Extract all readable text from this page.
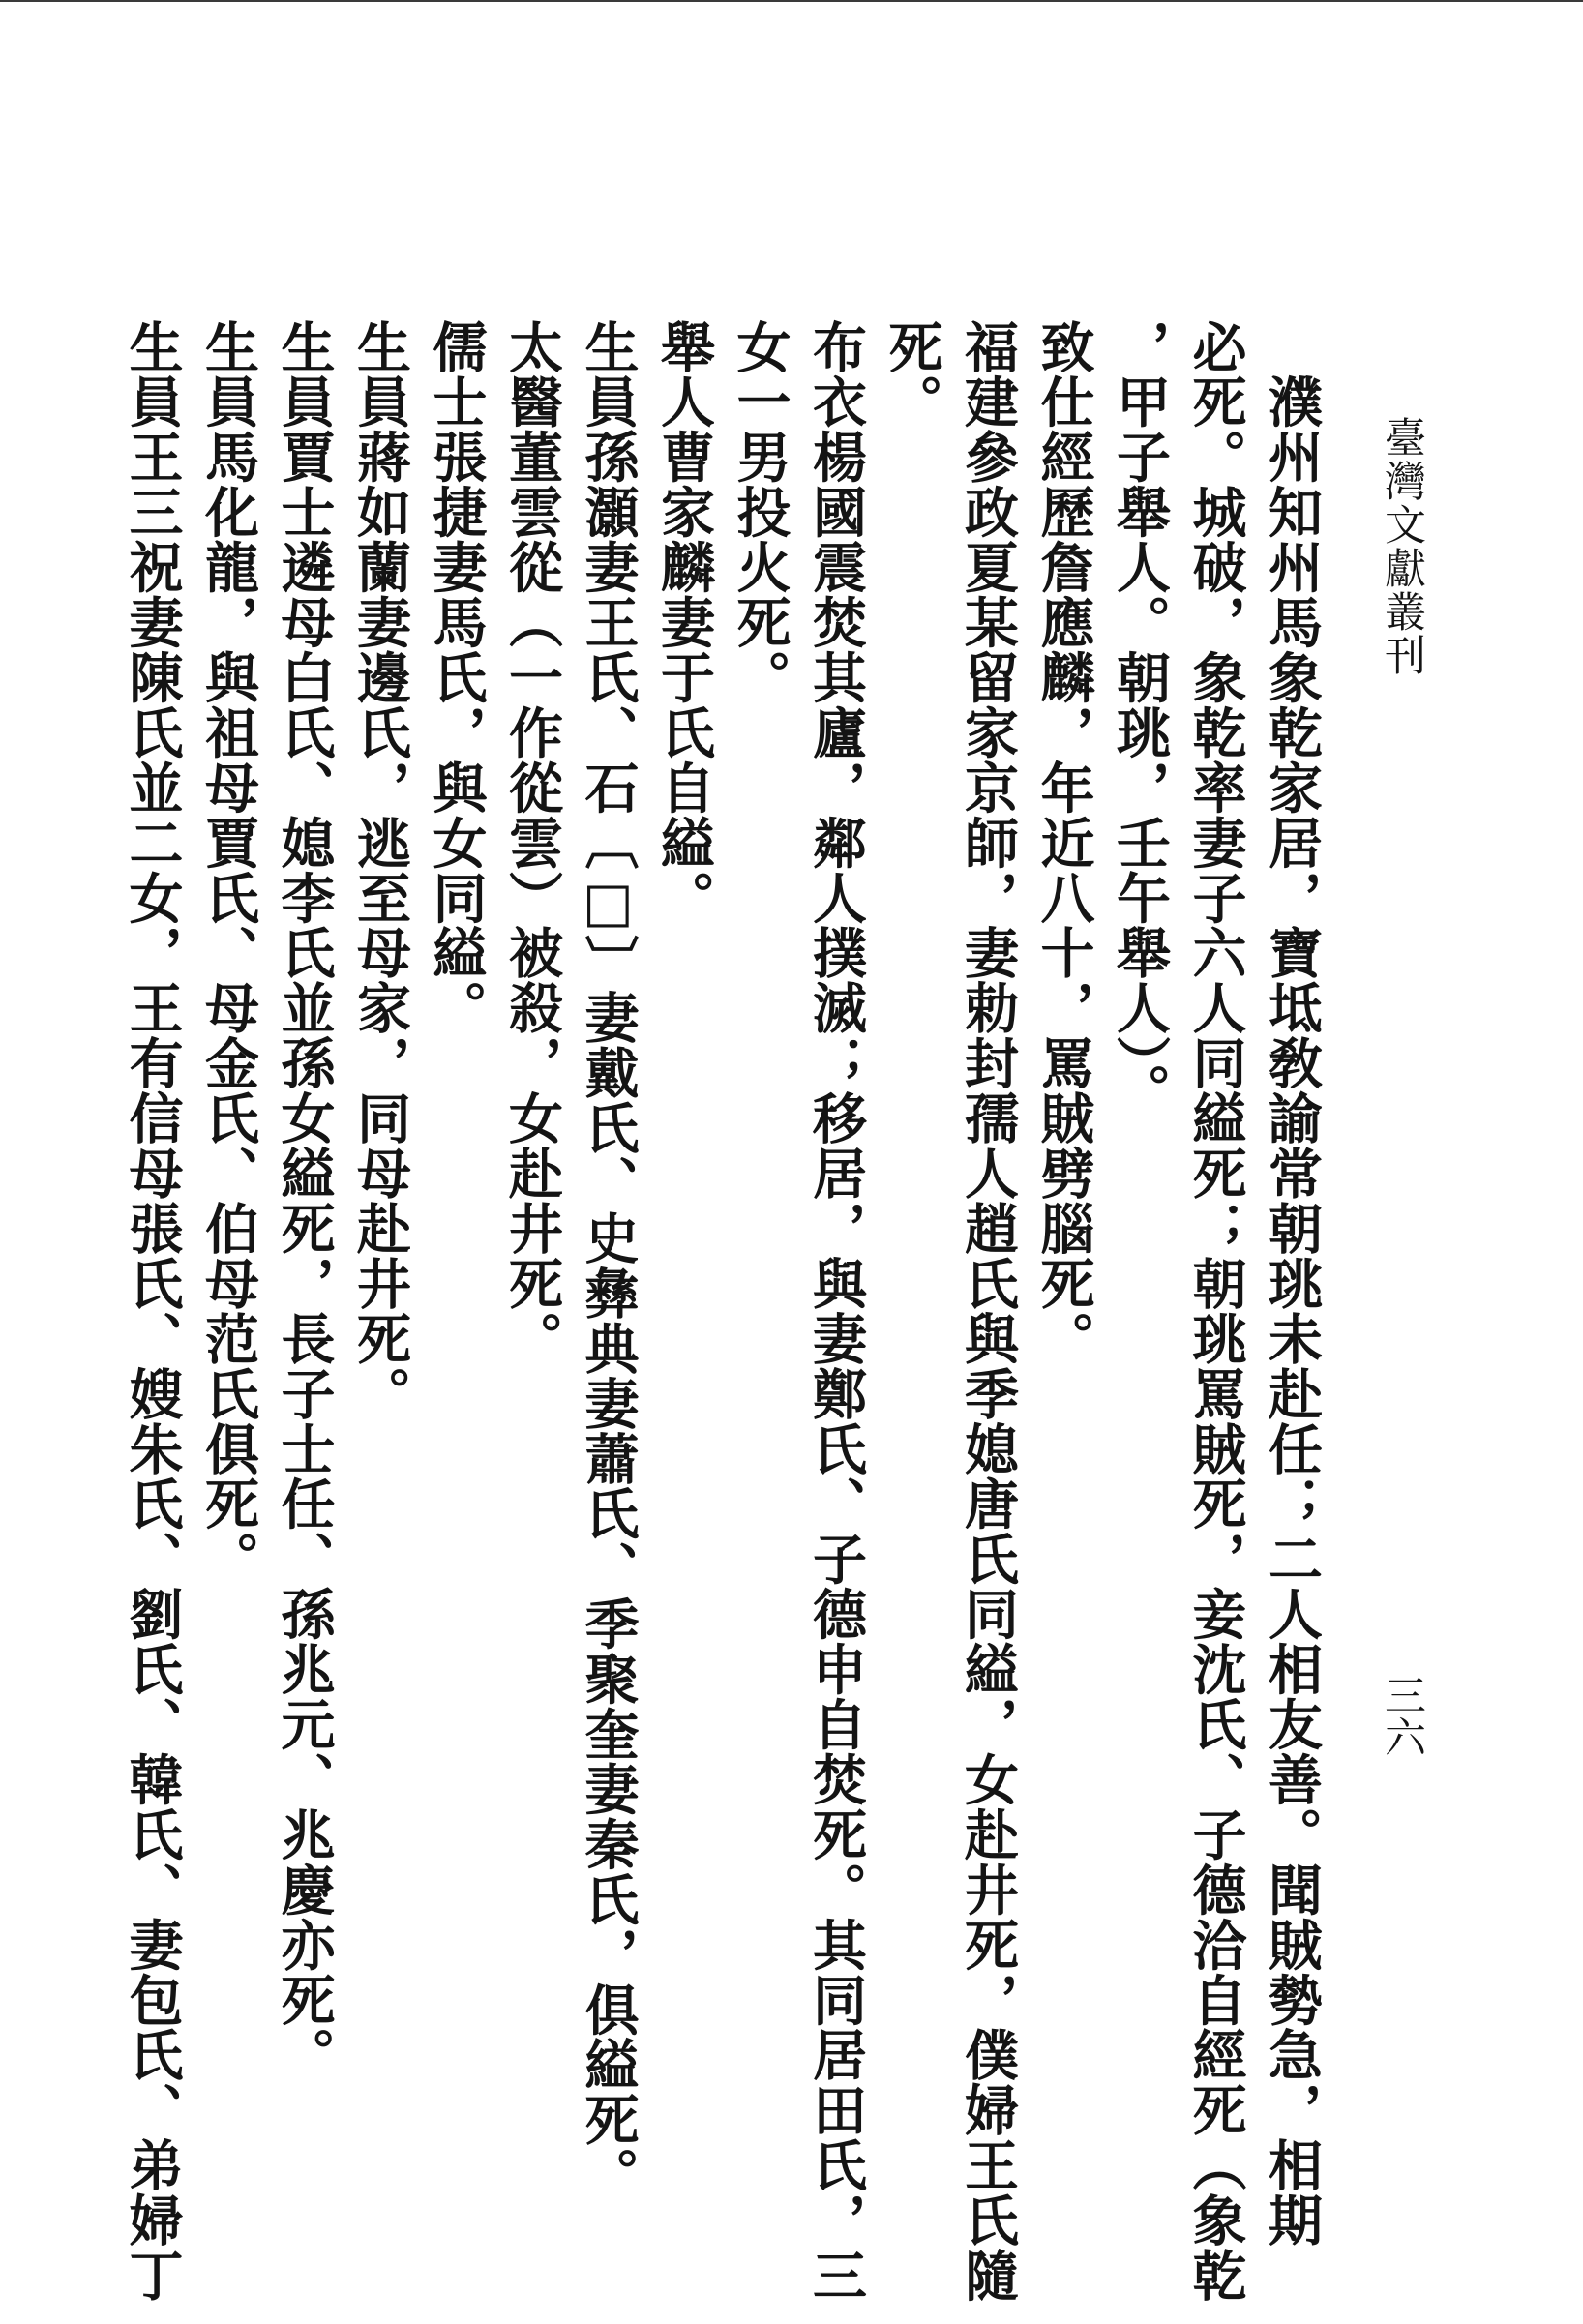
臺灣文獻叢刊
三六

　濮州知州馬象乾家居，寶坻敎諭常朝珧未赴任；二人相友善。聞賊勢急，相期

必死。城破，象乾率妻子六人同縊死；朝珧罵賊死，妾沈氏、子德洽自經死（象乾

，甲子舉人。朝珧，壬午舉人）。

致仕經歷詹應麟，年近八十，罵賊劈腦死。

福建參政夏某留家京師，妻勅封孺人趙氏與季媳唐氏同縊，女赴井死，僕婦王氏隨

死。

布衣楊國震焚其廬，鄰人撲滅；移居，與妻鄭氏、子德申自焚死。其同居田氏，三

女一男投火死。

舉人曹家麟妻于氏自縊。

生員孫灝妻王氏、石〔□〕妻戴氏、史彝典妻蕭氏、季聚奎妻秦氏，俱縊死。

太醫董雲從（一作從雲）被殺，女赴井死。

儒士張捷妻馬氏，與女同縊。

生員蔣如蘭妻邊氏，逃至母家，同母赴井死。

生員賈士遴母白氏、媳李氏並孫女縊死，長子士任、孫兆元、兆慶亦死。

生員馬化龍，與祖母賈氏、母金氏、伯母范氏俱死。

生員王三祝妻陳氏並二女，王有信母張氏、嫂朱氏、劉氏、韓氏、妻包氏、弟婦丁
